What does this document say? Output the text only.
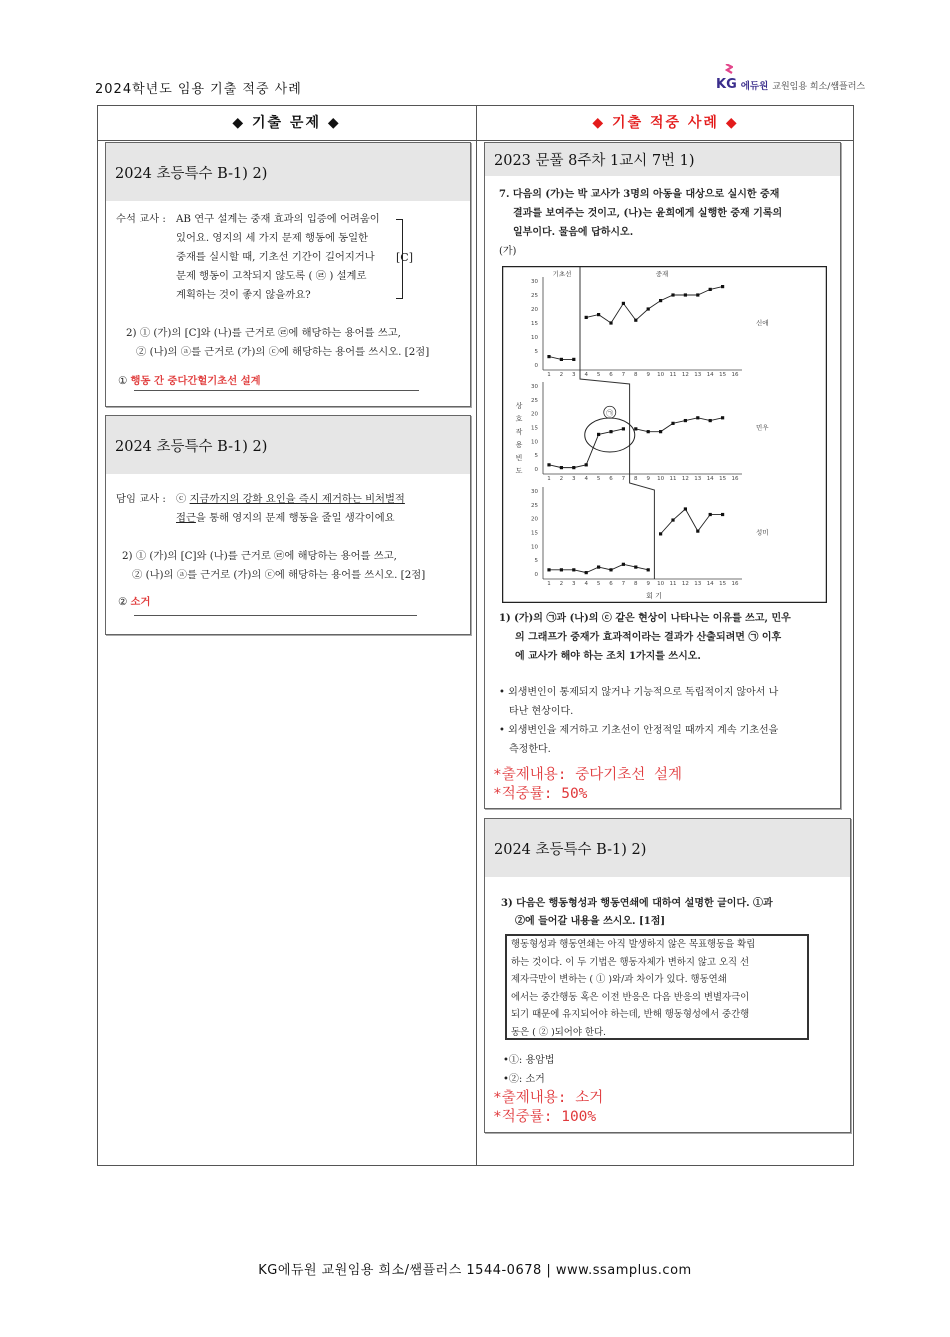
2024학년도 임용 기출 적중 사례	KG 에듀원 교원임용 희소/쌤플러스
◆ 기출 문제 ◆	◆ 기출 적중 사례 ◆
2024 초등특수 B-1) 2)
수석 교사 : AB 연구 설계는 중재 효과의 입증에 어려움이
있어요. 영지의 세 가지 문제 행동에 동일한
중재를 실시할 때, 기초선 기간이 길어지거나
문제 행동이 고착되지 않도록 ( ㉣ ) 설계로
계획하는 것이 좋지 않을까요?
[C]
2) ① (가)의 [C]와 (나)를 근거로 ㉣에 해당하는 용어를 쓰고,
② (나)의 ⓐ를 근거로 (가)의 ⓒ에 해당하는 용어를 쓰시오. [2점]
① 행동 간 중다간헐기초선 설계
2024 초등특수 B-1) 2)
담임 교사 : ⓒ 지금까지의 강화 요인을 즉시 제거하는 비처벌적
접근을 통해 영지의 문제 행동을 줄일 생각이에요
2) ① (가)의 [C]와 (나)를 근거로 ㉣에 해당하는 용어를 쓰고,
② (나)의 ⓐ를 근거로 (가)의 ⓒ에 해당하는 용어를 쓰시오. [2점]
② 소거
2023 문풀 8주차 1교시 7번 1)
7. 다음의 (가)는 박 교사가 3명의 아동을 대상으로 실시한 중재
결과를 보여주는 것이고, (나)는 윤희에게 실행한 중재 기록의
일부이다. 물음에 답하시오.
(가)
1) (가)의 ㉠과 (나)의 ⓒ 같은 현상이 나타나는 이유를 쓰고, 민우
의 그래프가 중재가 효과적이라는 결과가 산출되려면 ㉠ 이후
에 교사가 해야 하는 조치 1가지를 쓰시오.
• 외생변인이 통제되지 않거나 기능적으로 독립적이지 않아서 나
타난 현상이다.
• 외생변인을 제거하고 기초선이 안정적일 때까지 계속 기초선을
측정한다.
*출제내용: 중다기초선 설계
*적중률: 50%
0
5
10
15
20
25
30
1 2 3 4 5 6 7 8 9 10 11 12 13 14 15 16
신애
0
5
10
15
20
25
30
1 2 3 4 5 6 7 8 9 10 11 12 13 14 15 16
민우
0
5
10
15
20
25
30
1 2 3 4 5 6 7 8 9 10 11 12 13 14 15 16
성미
기초선	중재
상
호
작
용
빈
도
회 기
㉠
2024 초등특수 B-1) 2)
3) 다음은 행동형성과 행동연쇄에 대하여 설명한 글이다. ①과
②에 들어갈 내용을 쓰시오. [1점]
행동형성과 행동연쇄는 아직 발생하지 않은 목표행동을 확립
하는 것이다. 이 두 기법은 행동자체가 변하지 않고 오직 선
제자극만이 변하는 ( ① )와/과 차이가 있다. 행동연쇄
에서는 중간행동 혹은 이전 반응은 다음 반응의 변별자극이
되기 때문에 유지되어야 하는데, 반해 행동형성에서 중간행
동은 ( ② )되어야 한다.
•①: 용암법
•②: 소거
*출제내용: 소거
*적중률: 100%
KG에듀원 교원임용 희소/쌤플러스 1544-0678 | www.ssamplus.com
